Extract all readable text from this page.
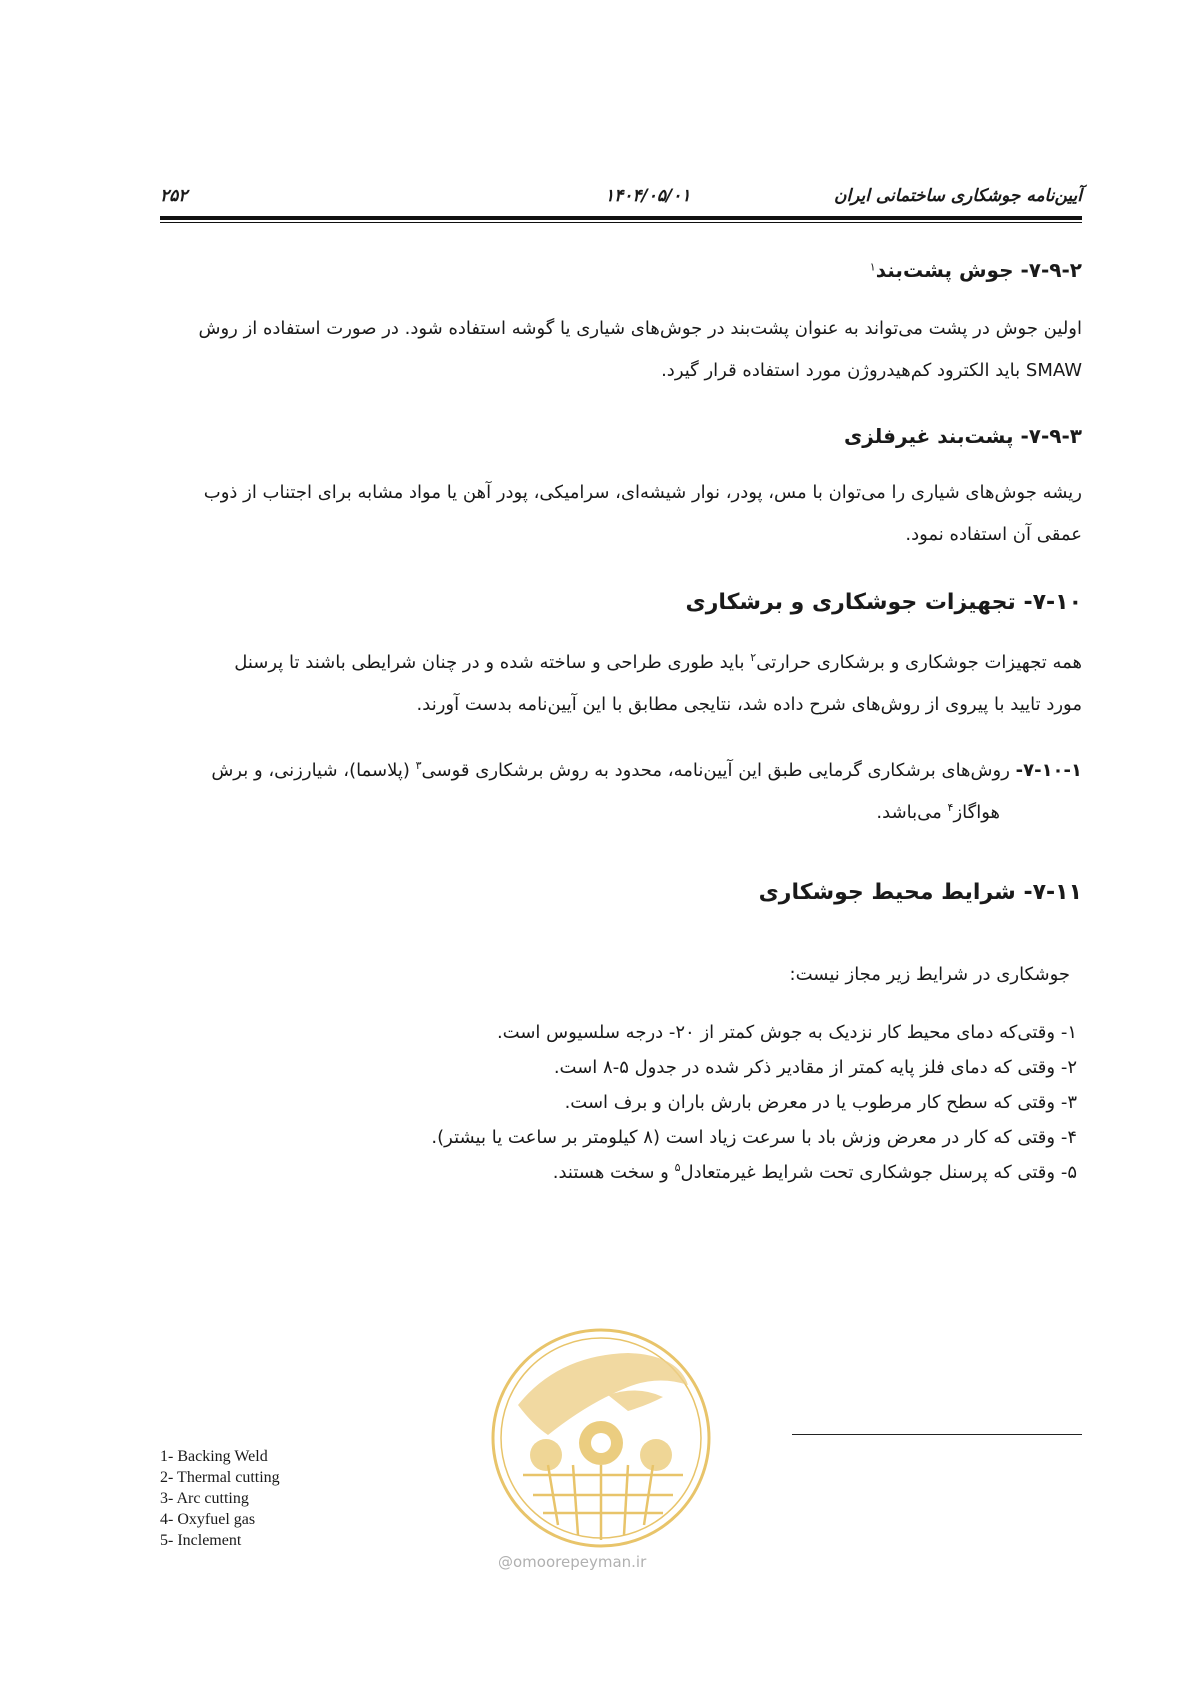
۲۵۲	۱۴۰۴/۰۵/۰۱	آیین‌نامه جوشکاری ساختمانی ایران
۷-۹-۲- جوش پشت‌بند$^۱$
اولین جوش در پشت می‌تواند به عنوان پشت‌بند در جوش‌های شیاری یا گوشه استفاده شود. در صورت استفاده از روش
SMAW باید الکترود کم‌هیدروژن مورد استفاده قرار گیرد.
۷-۹-۳- پشت‌بند غیرفلزی
ریشه جوش‌های شیاری را می‌توان با مس، پودر، نوار شیشه‌ای، سرامیکی، پودر آهن یا مواد مشابه برای اجتناب از ذوب
عمقی آن استفاده نمود.
۷-۱۰- تجهیزات جوشکاری و برشکاری
همه تجهیزات جوشکاری و برشکاری حرارتی$^۲$ باید طوری طراحی و ساخته شده و در چنان شرایطی باشند تا پرسنل
مورد تایید با پیروی از روش‌های شرح داده شد، نتایجی مطابق با این آیین‌نامه بدست آورند.
۷-۱۰-۱- روش‌های برشکاری گرمایی طبق این آیین‌نامه، محدود به روش برشکاری قوسی$^۳$ (پلاسما)، شیارزنی، و برش
هواگاز$^۴$ می‌باشد.
۷-۱۱- شرایط محیط جوشکاری
جوشکاری در شرایط زیر مجاز نیست:
۱- وقتی‌که دمای محیط کار نزدیک به جوش کمتر از ۲۰- درجه سلسیوس است.
۲- وقتی که دمای فلز پایه کمتر از مقادیر ذکر شده در جدول ۵-۸ است.
۳- وقتی که سطح کار مرطوب یا در معرض بارش باران و برف است.
۴- وقتی که کار در معرض وزش باد با سرعت زیاد است (۸ کیلومتر بر ساعت یا بیشتر).
۵- وقتی که پرسنل جوشکاری تحت شرایط غیرمتعادل$^۵$ و سخت هستند.
1- Backing Weld
2- Thermal cutting
3- Arc cutting
4- Oxyfuel gas
5- Inclement
@omoorepeyman.ir
